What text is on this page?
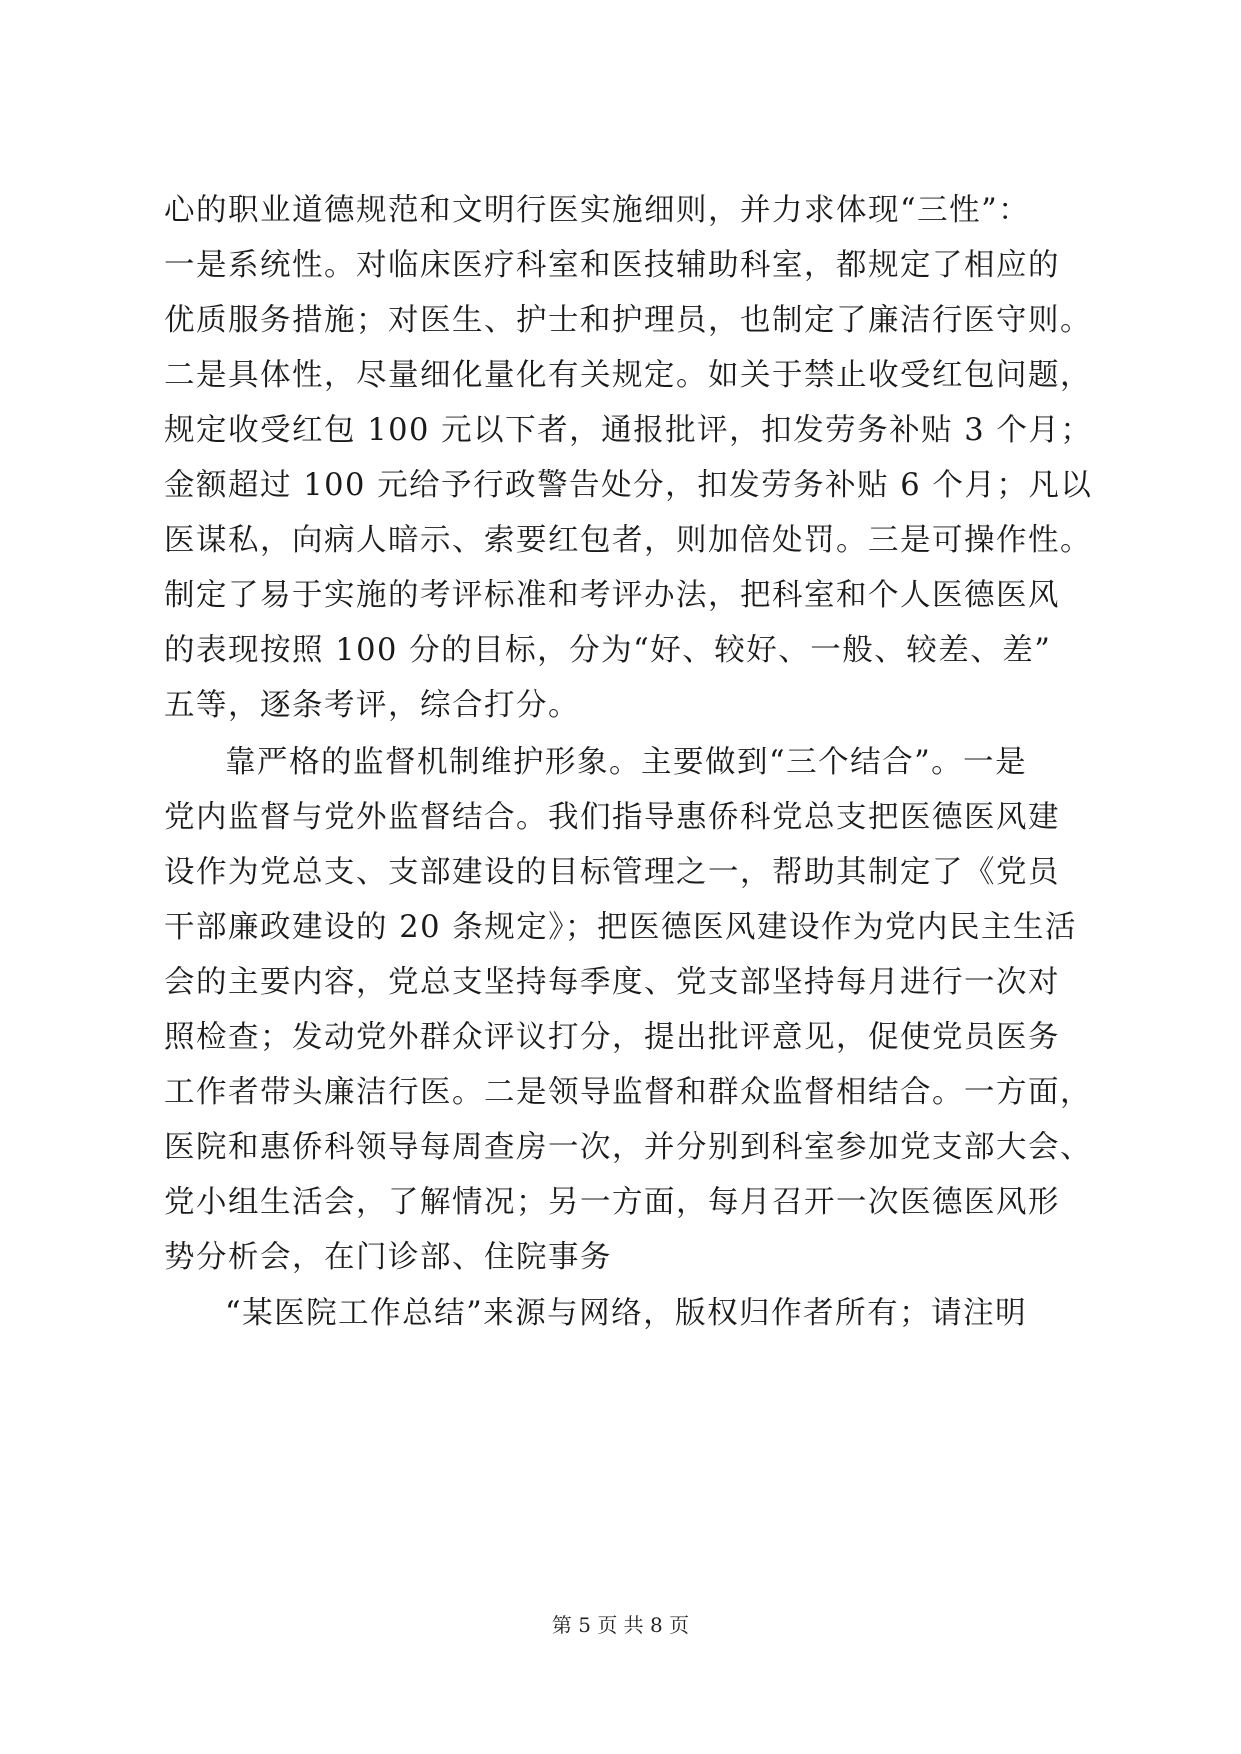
心的职业道德规范和文明行医实施细则，并力求体现“三性”：
一是系统性。对临床医疗科室和医技辅助科室，都规定了相应的
优质服务措施；对医生、护士和护理员，也制定了廉洁行医守则。
二是具体性，尽量细化量化有关规定。如关于禁止收受红包问题，
规定收受红包 100 元以下者，通报批评，扣发劳务补贴 3 个月；
金额超过 100 元给予行政警告处分，扣发劳务补贴 6 个月；凡以
医谋私，向病人暗示、索要红包者，则加倍处罚。三是可操作性。
制定了易于实施的考评标准和考评办法，把科室和个人医德医风
的表现按照 100 分的目标，分为“好、较好、一般、较差、差”
五等，逐条考评，综合打分。
靠严格的监督机制维护形象。主要做到“三个结合”。一是
党内监督与党外监督结合。我们指导惠侨科党总支把医德医风建
设作为党总支、支部建设的目标管理之一，帮助其制定了《党员
干部廉政建设的 20 条规定》；把医德医风建设作为党内民主生活
会的主要内容，党总支坚持每季度、党支部坚持每月进行一次对
照检查；发动党外群众评议打分，提出批评意见，促使党员医务
工作者带头廉洁行医。二是领导监督和群众监督相结合。一方面，
医院和惠侨科领导每周查房一次，并分别到科室参加党支部大会、
党小组生活会，了解情况；另一方面，每月召开一次医德医风形
势分析会，在门诊部、住院事务
“某医院工作总结”来源与网络，版权归作者所有；请注明
第 5 页 共 8 页
